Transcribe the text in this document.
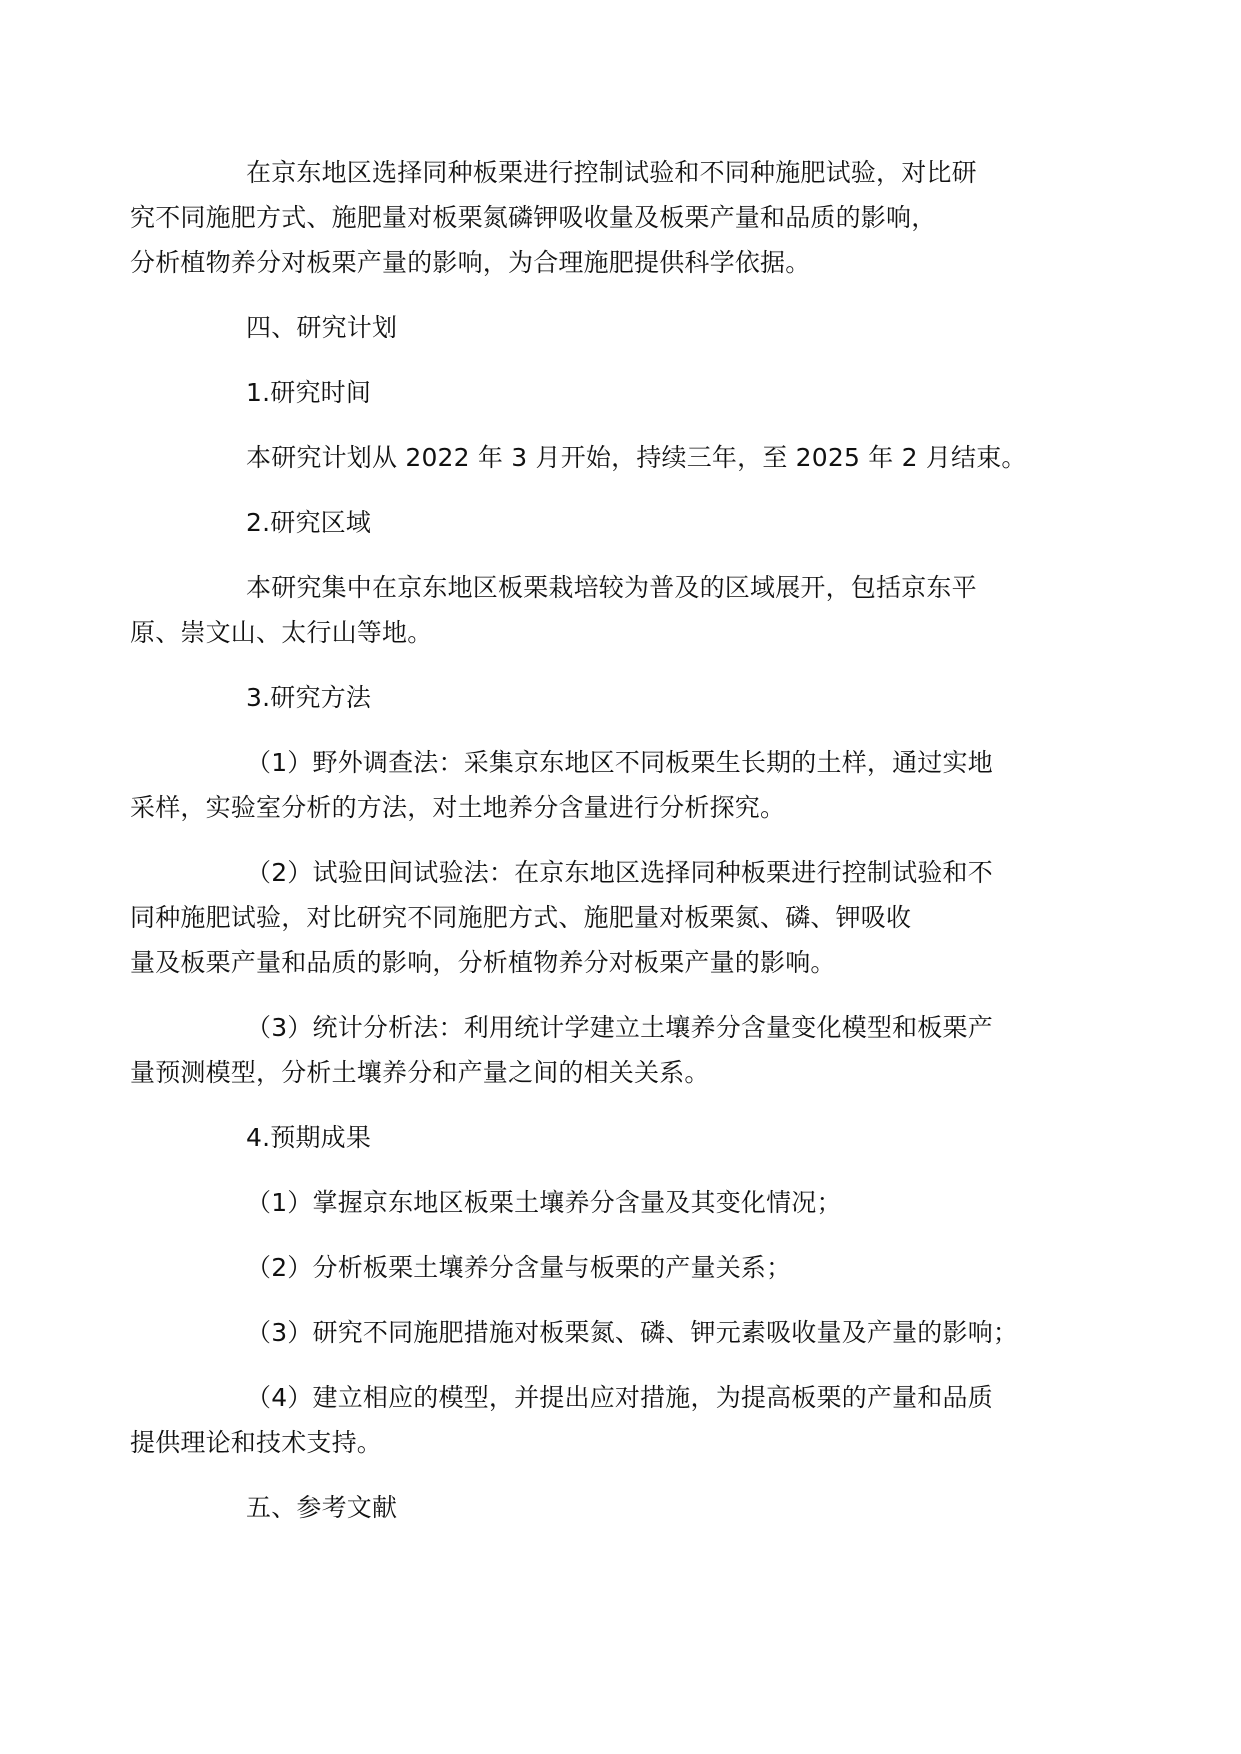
在京东地区选择同种板栗进行控制试验和不同种施肥试验，对比研
究不同施肥方式、施肥量对板栗氮磷钾吸收量及板栗产量和品质的影响，
分析植物养分对板栗产量的影响，为合理施肥提供科学依据。

四、研究计划

1.研究时间

本研究计划从 2022 年 3 月开始，持续三年，至 2025 年 2 月结束。

2.研究区域

本研究集中在京东地区板栗栽培较为普及的区域展开，包括京东平
原、崇文山、太行山等地。

3.研究方法

（1）野外调查法：采集京东地区不同板栗生长期的土样，通过实地
采样，实验室分析的方法，对土地养分含量进行分析探究。

（2）试验田间试验法：在京东地区选择同种板栗进行控制试验和不
同种施肥试验，对比研究不同施肥方式、施肥量对板栗氮、磷、钾吸收
量及板栗产量和品质的影响，分析植物养分对板栗产量的影响。

（3）统计分析法：利用统计学建立土壤养分含量变化模型和板栗产
量预测模型，分析土壤养分和产量之间的相关关系。

4.预期成果

（1）掌握京东地区板栗土壤养分含量及其变化情况；

（2）分析板栗土壤养分含量与板栗的产量关系；

（3）研究不同施肥措施对板栗氮、磷、钾元素吸收量及产量的影响；

（4）建立相应的模型，并提出应对措施，为提高板栗的产量和品质
提供理论和技术支持。

五、参考文献
